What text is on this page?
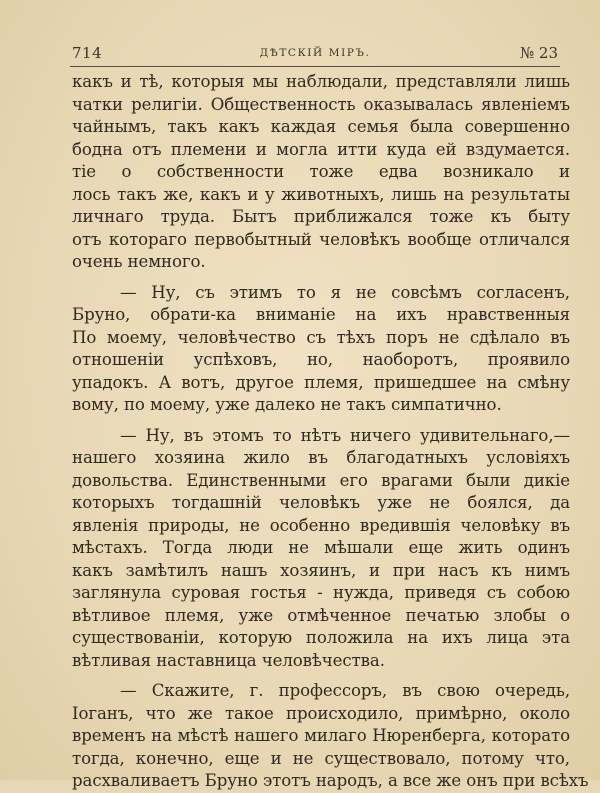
714	ДѢТСКІЙ МІРЪ.	№ 23
какъ и тѣ, которыя мы наблюдали, представляли лишь
чатки религіи. Общественность оказывалась явленіемъ
чайнымъ, такъ какъ каждая семья была совершенно
бодна отъ племени и могла итти куда ей вздумается.
тіе о собственности тоже едва возникало и
лось такъ же, какъ и у животныхъ, лишь на результаты
личнаго труда. Бытъ приближался тоже къ быту
отъ котораго первобытный человѣкъ вообще отличался
очень немного.
— Ну, съ этимъ то я не совсѣмъ согласенъ,
Бруно, обрати-ка вниманіе на ихъ нравственныя
По моему, человѣчество съ тѣхъ поръ не сдѣлало въ
отношеніи успѣховъ, но, наоборотъ, проявило
упадокъ. А вотъ, другое племя, пришедшее на смѣну
вому, по моему, уже далеко не такъ симпатично.
— Ну, въ этомъ то нѣтъ ничего удивительнаго,—
нашего хозяина жило въ благодатныхъ условіяхъ
довольства. Единственными его врагами были дикіе
которыхъ тогдашній человѣкъ уже не боялся, да
явленія природы, не особенно вредившія человѣку въ
мѣстахъ. Тогда люди не мѣшали еще жить одинъ
какъ замѣтилъ нашъ хозяинъ, и при насъ къ нимъ
заглянула суровая гостья - нужда, приведя съ собою
вѣтливое племя, уже отмѣченное печатью злобы о
существованіи, которую положила на ихъ лица эта
вѣтливая наставница человѣчества.
— Скажите, г. профессоръ, въ свою очередь,
Іоганъ, что же такое происходило, примѣрно, около
временъ на мѣстѣ нашего милаго Нюренберга, которато
тогда, конечно, еще и не существовало, потому что,
расхваливаетъ Бруно этотъ народъ, а все же онъ при всѣхъ
